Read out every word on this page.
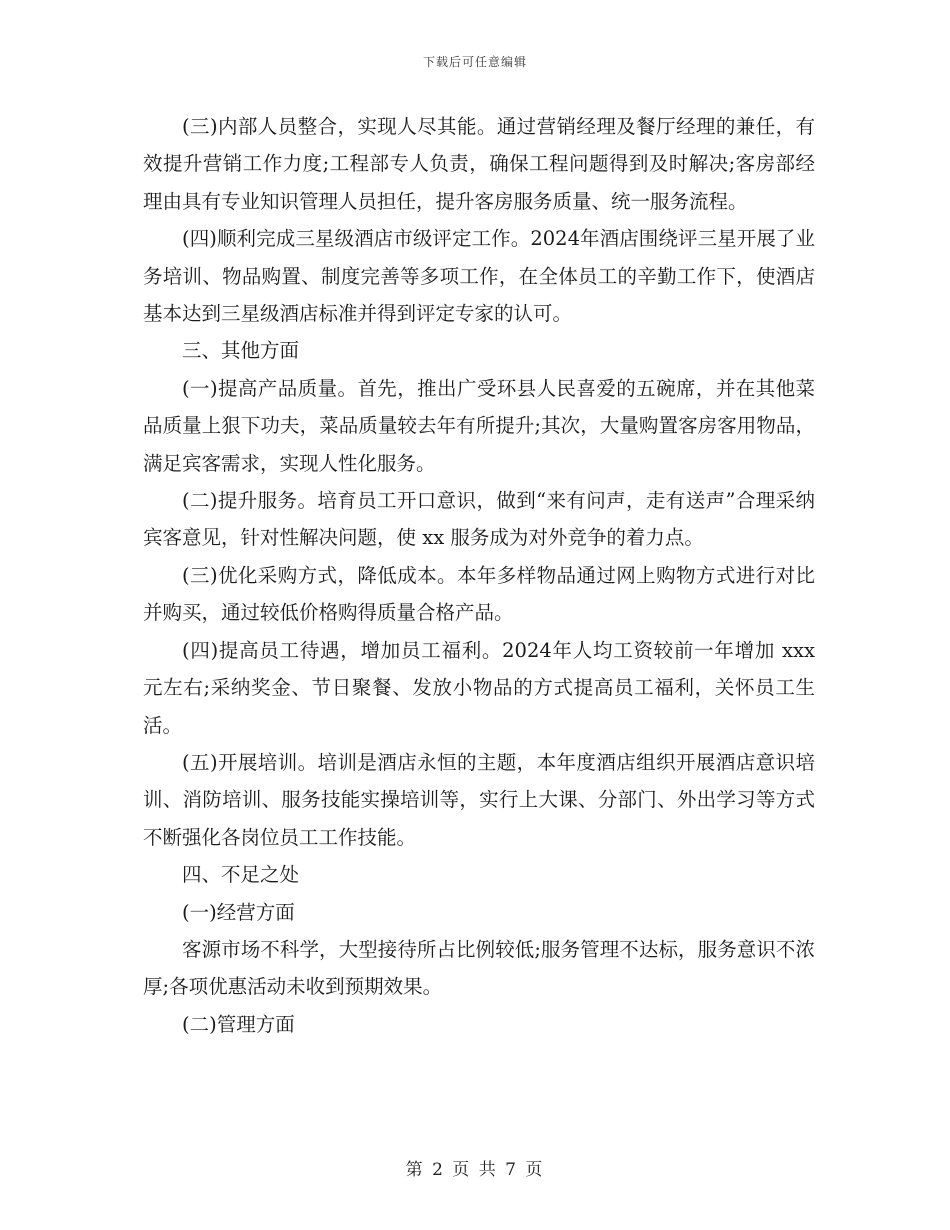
下载后可任意编辑

(三)内部人员整合，实现人尽其能。通过营销经理及餐厅经理的兼任，有效提升营销工作力度;工程部专人负责，确保工程问题得到及时解决;客房部经理由具有专业知识管理人员担任，提升客房服务质量、统一服务流程。

(四)顺利完成三星级酒店市级评定工作。2024年酒店围绕评三星开展了业务培训、物品购置、制度完善等多项工作，在全体员工的辛勤工作下，使酒店基本达到三星级酒店标准并得到评定专家的认可。

三、其他方面

(一)提高产品质量。首先，推出广受环县人民喜爱的五碗席，并在其他菜品质量上狠下功夫，菜品质量较去年有所提升;其次，大量购置客房客用物品，满足宾客需求，实现人性化服务。

(二)提升服务。培育员工开口意识，做到“来有问声，走有送声”合理采纳宾客意见，针对性解决问题，使 xx 服务成为对外竞争的着力点。

(三)优化采购方式，降低成本。本年多样物品通过网上购物方式进行对比并购买，通过较低价格购得质量合格产品。

(四)提高员工待遇，增加员工福利。2024年人均工资较前一年增加 xxx 元左右;采纳奖金、节日聚餐、发放小物品的方式提高员工福利，关怀员工生活。

(五)开展培训。培训是酒店永恒的主题，本年度酒店组织开展酒店意识培训、消防培训、服务技能实操培训等，实行上大课、分部门、外出学习等方式不断强化各岗位员工工作技能。

四、不足之处

(一)经营方面

客源市场不科学，大型接待所占比例较低;服务管理不达标，服务意识不浓厚;各项优惠活动未收到预期效果。

(二)管理方面

第 2 页 共 7 页
